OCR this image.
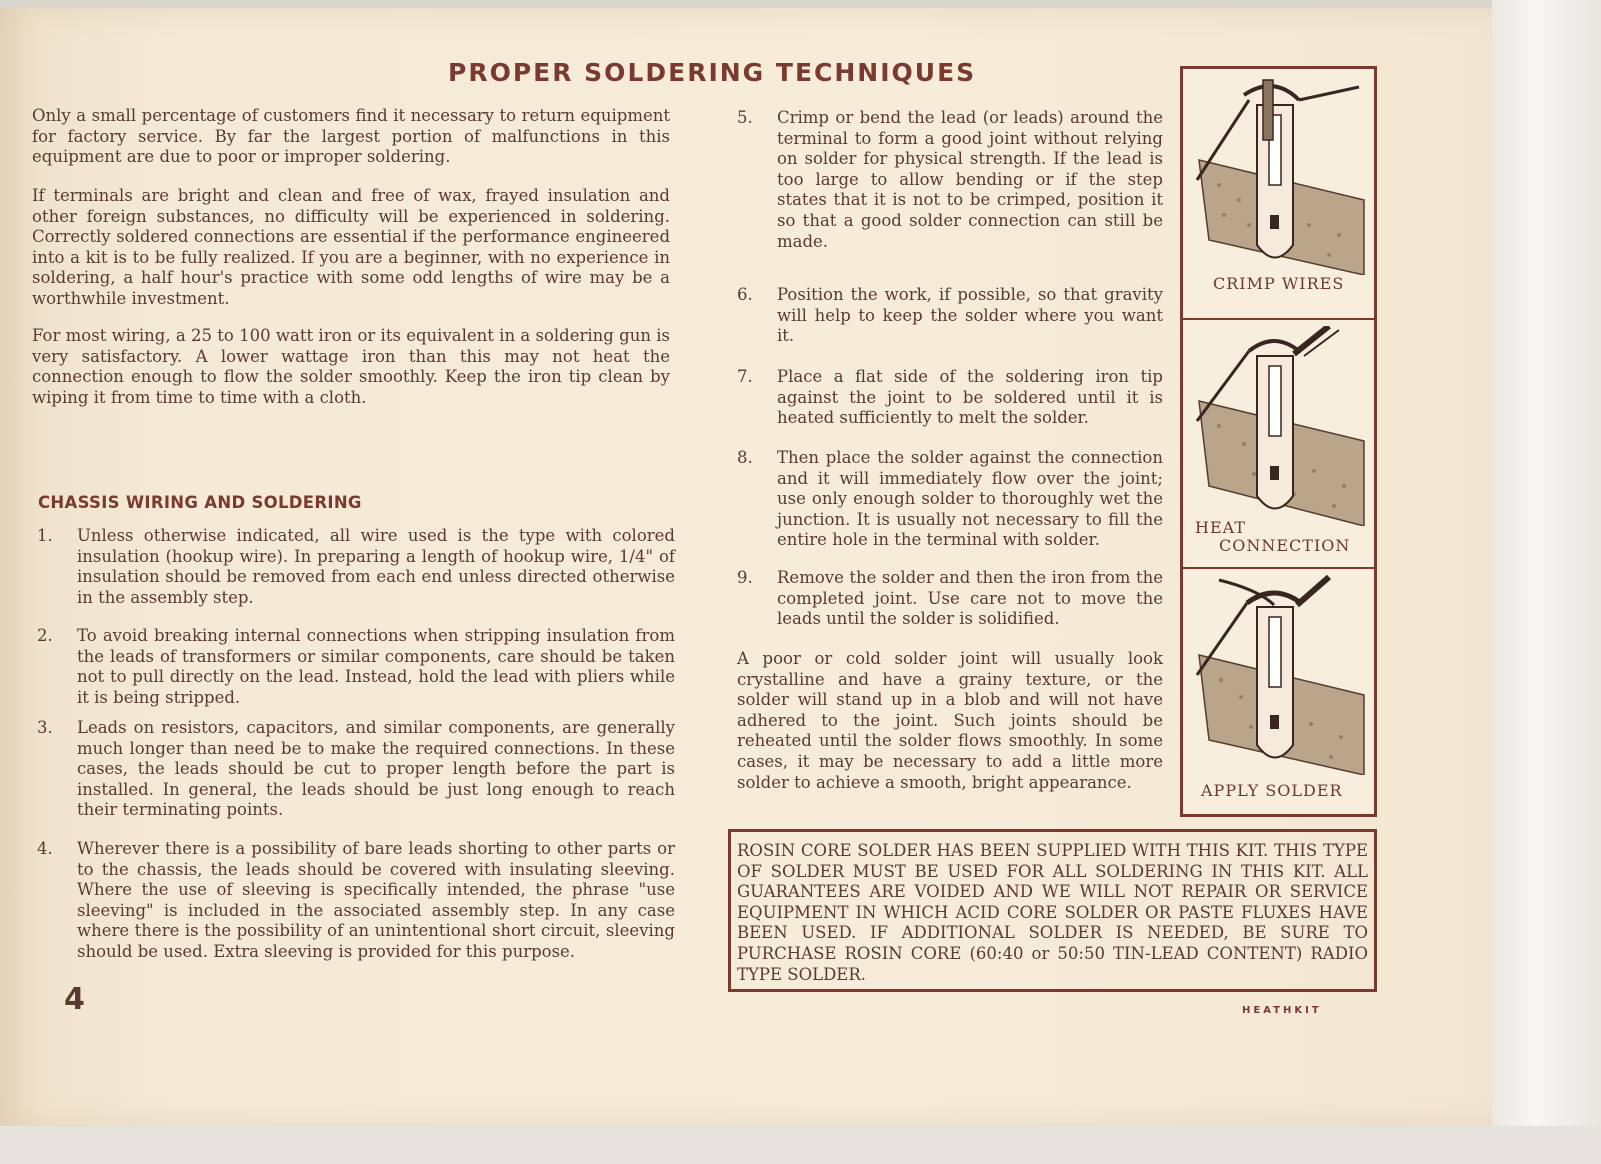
PROPER SOLDERING TECHNIQUES
Only a small percentage of customers find it necessary to return equipment for factory service. By far the largest portion of malfunctions in this equipment are due to poor or improper soldering.
If terminals are bright and clean and free of wax, frayed insulation and other foreign substances, no difficulty will be experienced in soldering. Correctly soldered connections are essential if the performance engineered into a kit is to be fully realized. If you are a beginner, with no experience in soldering, a half hour's practice with some odd lengths of wire may be a worthwhile investment.
For most wiring, a 25 to 100 watt iron or its equivalent in a soldering gun is very satisfactory. A lower wattage iron than this may not heat the connection enough to flow the solder smoothly. Keep the iron tip clean by wiping it from time to time with a cloth.
CHASSIS WIRING AND SOLDERING
1. Unless otherwise indicated, all wire used is the type with colored insulation (hookup wire). In preparing a length of hookup wire, 1/4" of insulation should be removed from each end unless directed otherwise in the assembly step.
2. To avoid breaking internal connections when stripping insulation from the leads of transformers or similar components, care should be taken not to pull directly on the lead. Instead, hold the lead with pliers while it is being stripped.
3. Leads on resistors, capacitors, and similar components, are generally much longer than need be to make the required connections. In these cases, the leads should be cut to proper length before the part is installed. In general, the leads should be just long enough to reach their terminating points.
4. Wherever there is a possibility of bare leads shorting to other parts or to the chassis, the leads should be covered with insulating sleeving. Where the use of sleeving is specifically intended, the phrase "use sleeving" is included in the associated assembly step. In any case where there is the possibility of an unintentional short circuit, sleeving should be used. Extra sleeving is provided for this purpose.
5. Crimp or bend the lead (or leads) around the terminal to form a good joint without relying on solder for physical strength. If the lead is too large to allow bending or if the step states that it is not to be crimped, position it so that a good solder connection can still be made.
6. Position the work, if possible, so that gravity will help to keep the solder where you want it.
7. Place a flat side of the soldering iron tip against the joint to be soldered until it is heated sufficiently to melt the solder.
8. Then place the solder against the connection and it will immediately flow over the joint; use only enough solder to thoroughly wet the junction. It is usually not necessary to fill the entire hole in the terminal with solder.
9. Remove the solder and then the iron from the completed joint. Use care not to move the leads until the solder is solidified.
A poor or cold solder joint will usually look crystalline and have a grainy texture, or the solder will stand up in a blob and will not have adhered to the joint. Such joints should be reheated until the solder flows smoothly. In some cases, it may be necessary to add a little more solder to achieve a smooth, bright appearance.
CRIMP WIRES
HEAT
CONNECTION
APPLY SOLDER
ROSIN CORE SOLDER HAS BEEN SUPPLIED WITH THIS KIT. THIS TYPE OF SOLDER MUST BE USED FOR ALL SOLDERING IN THIS KIT. ALL GUARANTEES ARE VOIDED AND WE WILL NOT REPAIR OR SERVICE EQUIPMENT IN WHICH ACID CORE SOLDER OR PASTE FLUXES HAVE BEEN USED. IF ADDITIONAL SOLDER IS NEEDED, BE SURE TO PURCHASE ROSIN CORE (60:40 or 50:50 TIN-LEAD CONTENT) RADIO TYPE SOLDER.
4	HEATHKIT
